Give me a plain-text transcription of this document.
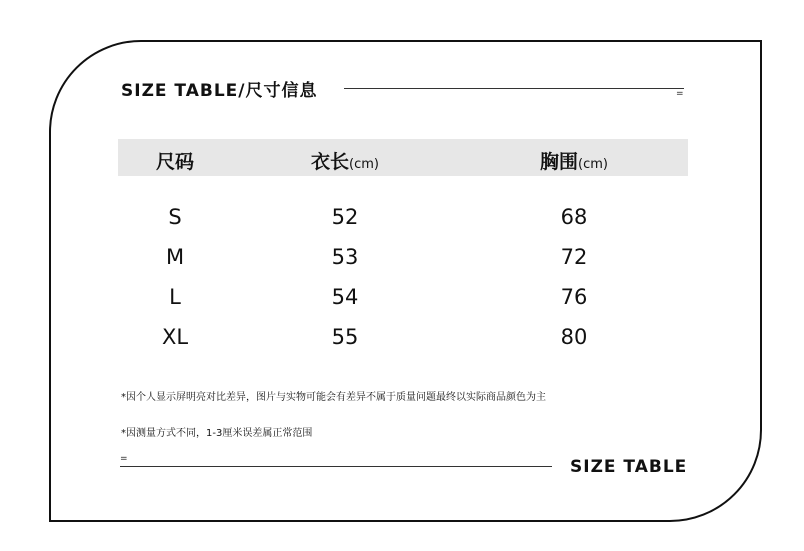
SIZE TABLE/尺寸信息	=
尺码	衣长(cm)	胸围(cm)
S	52	68
M	53	72
L	54	76
XL	55	80
*因个人显示屏明亮对比差异，图片与实物可能会有差异不属于质量问题最终以实际商品颜色为主
*因测量方式不同，1-3厘米误差属正常范围
=	SIZE TABLE
